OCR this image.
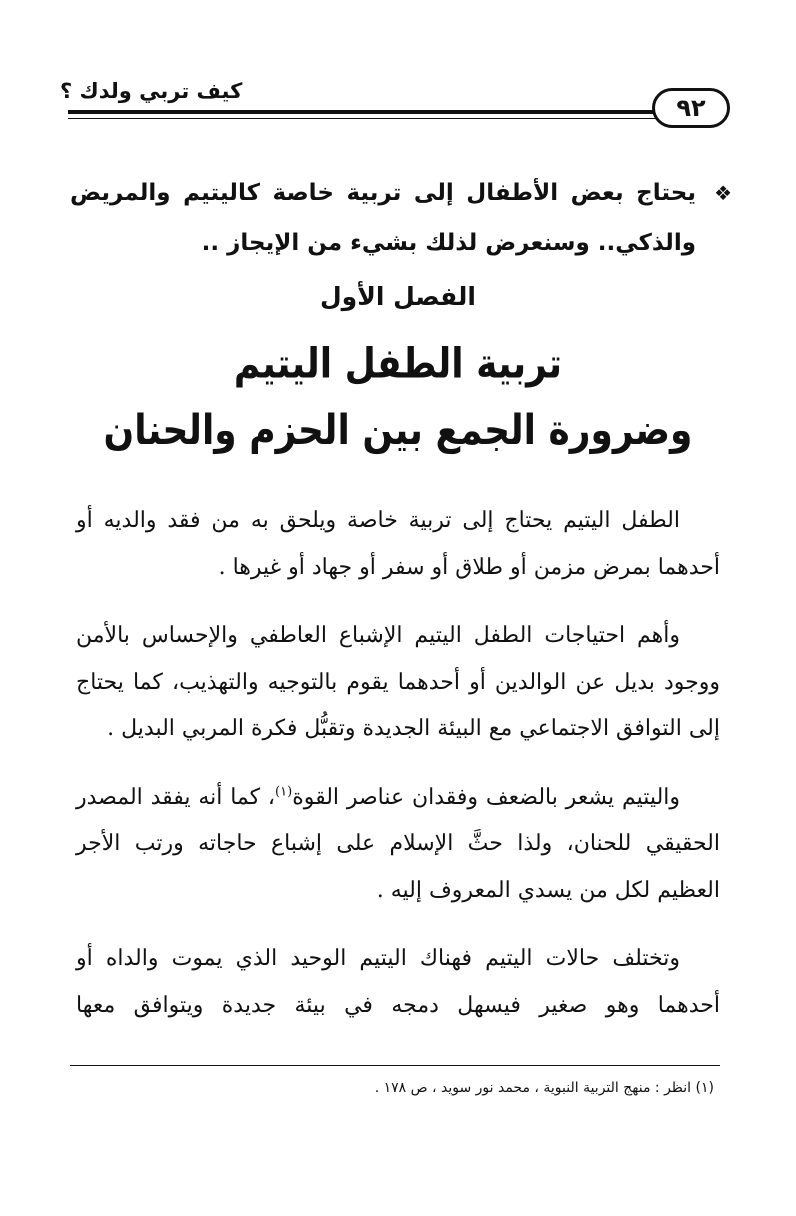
كيف تربي ولدك ؟
٩٢
❖
يحتاج بعض الأطفال إلى تربية خاصة كاليتيم والمريض والذكي.. وسنعرض لذلك بشيء من الإيجاز ..
الفصل الأول
تربية الطفل اليتيم
وضرورة الجمع بين الحزم والحنان

الطفل اليتيم يحتاج إلى تربية خاصة ويلحق به من فقد والديه أو أحدهما بمرض مزمن أو طلاق أو سفر أو جهاد أو غيرها .

وأهم احتياجات الطفل اليتيم الإشباع العاطفي والإحساس بالأمن ووجود بديل عن الوالدين أو أحدهما يقوم بالتوجيه والتهذيب، كما يحتاج إلى التوافق الاجتماعي مع البيئة الجديدة وتقبُّل فكرة المربي البديل .

واليتيم يشعر بالضعف وفقدان عناصر القوة$^{(١)}$، كما أنه يفقد المصدر الحقيقي للحنان، ولذا حثَّ الإسلام على إشباع حاجاته ورتب الأجر العظيم لكل من يسدي المعروف إليه .

وتختلف حالات اليتيم فهناك اليتيم الوحيد الذي يموت والداه أو أحدهما وهو صغير فيسهل دمجه في بيئة جديدة ويتوافق معها

(١) انظر : منهج التربية النبوية ، محمد نور سويد ، ص ١٧٨ .
